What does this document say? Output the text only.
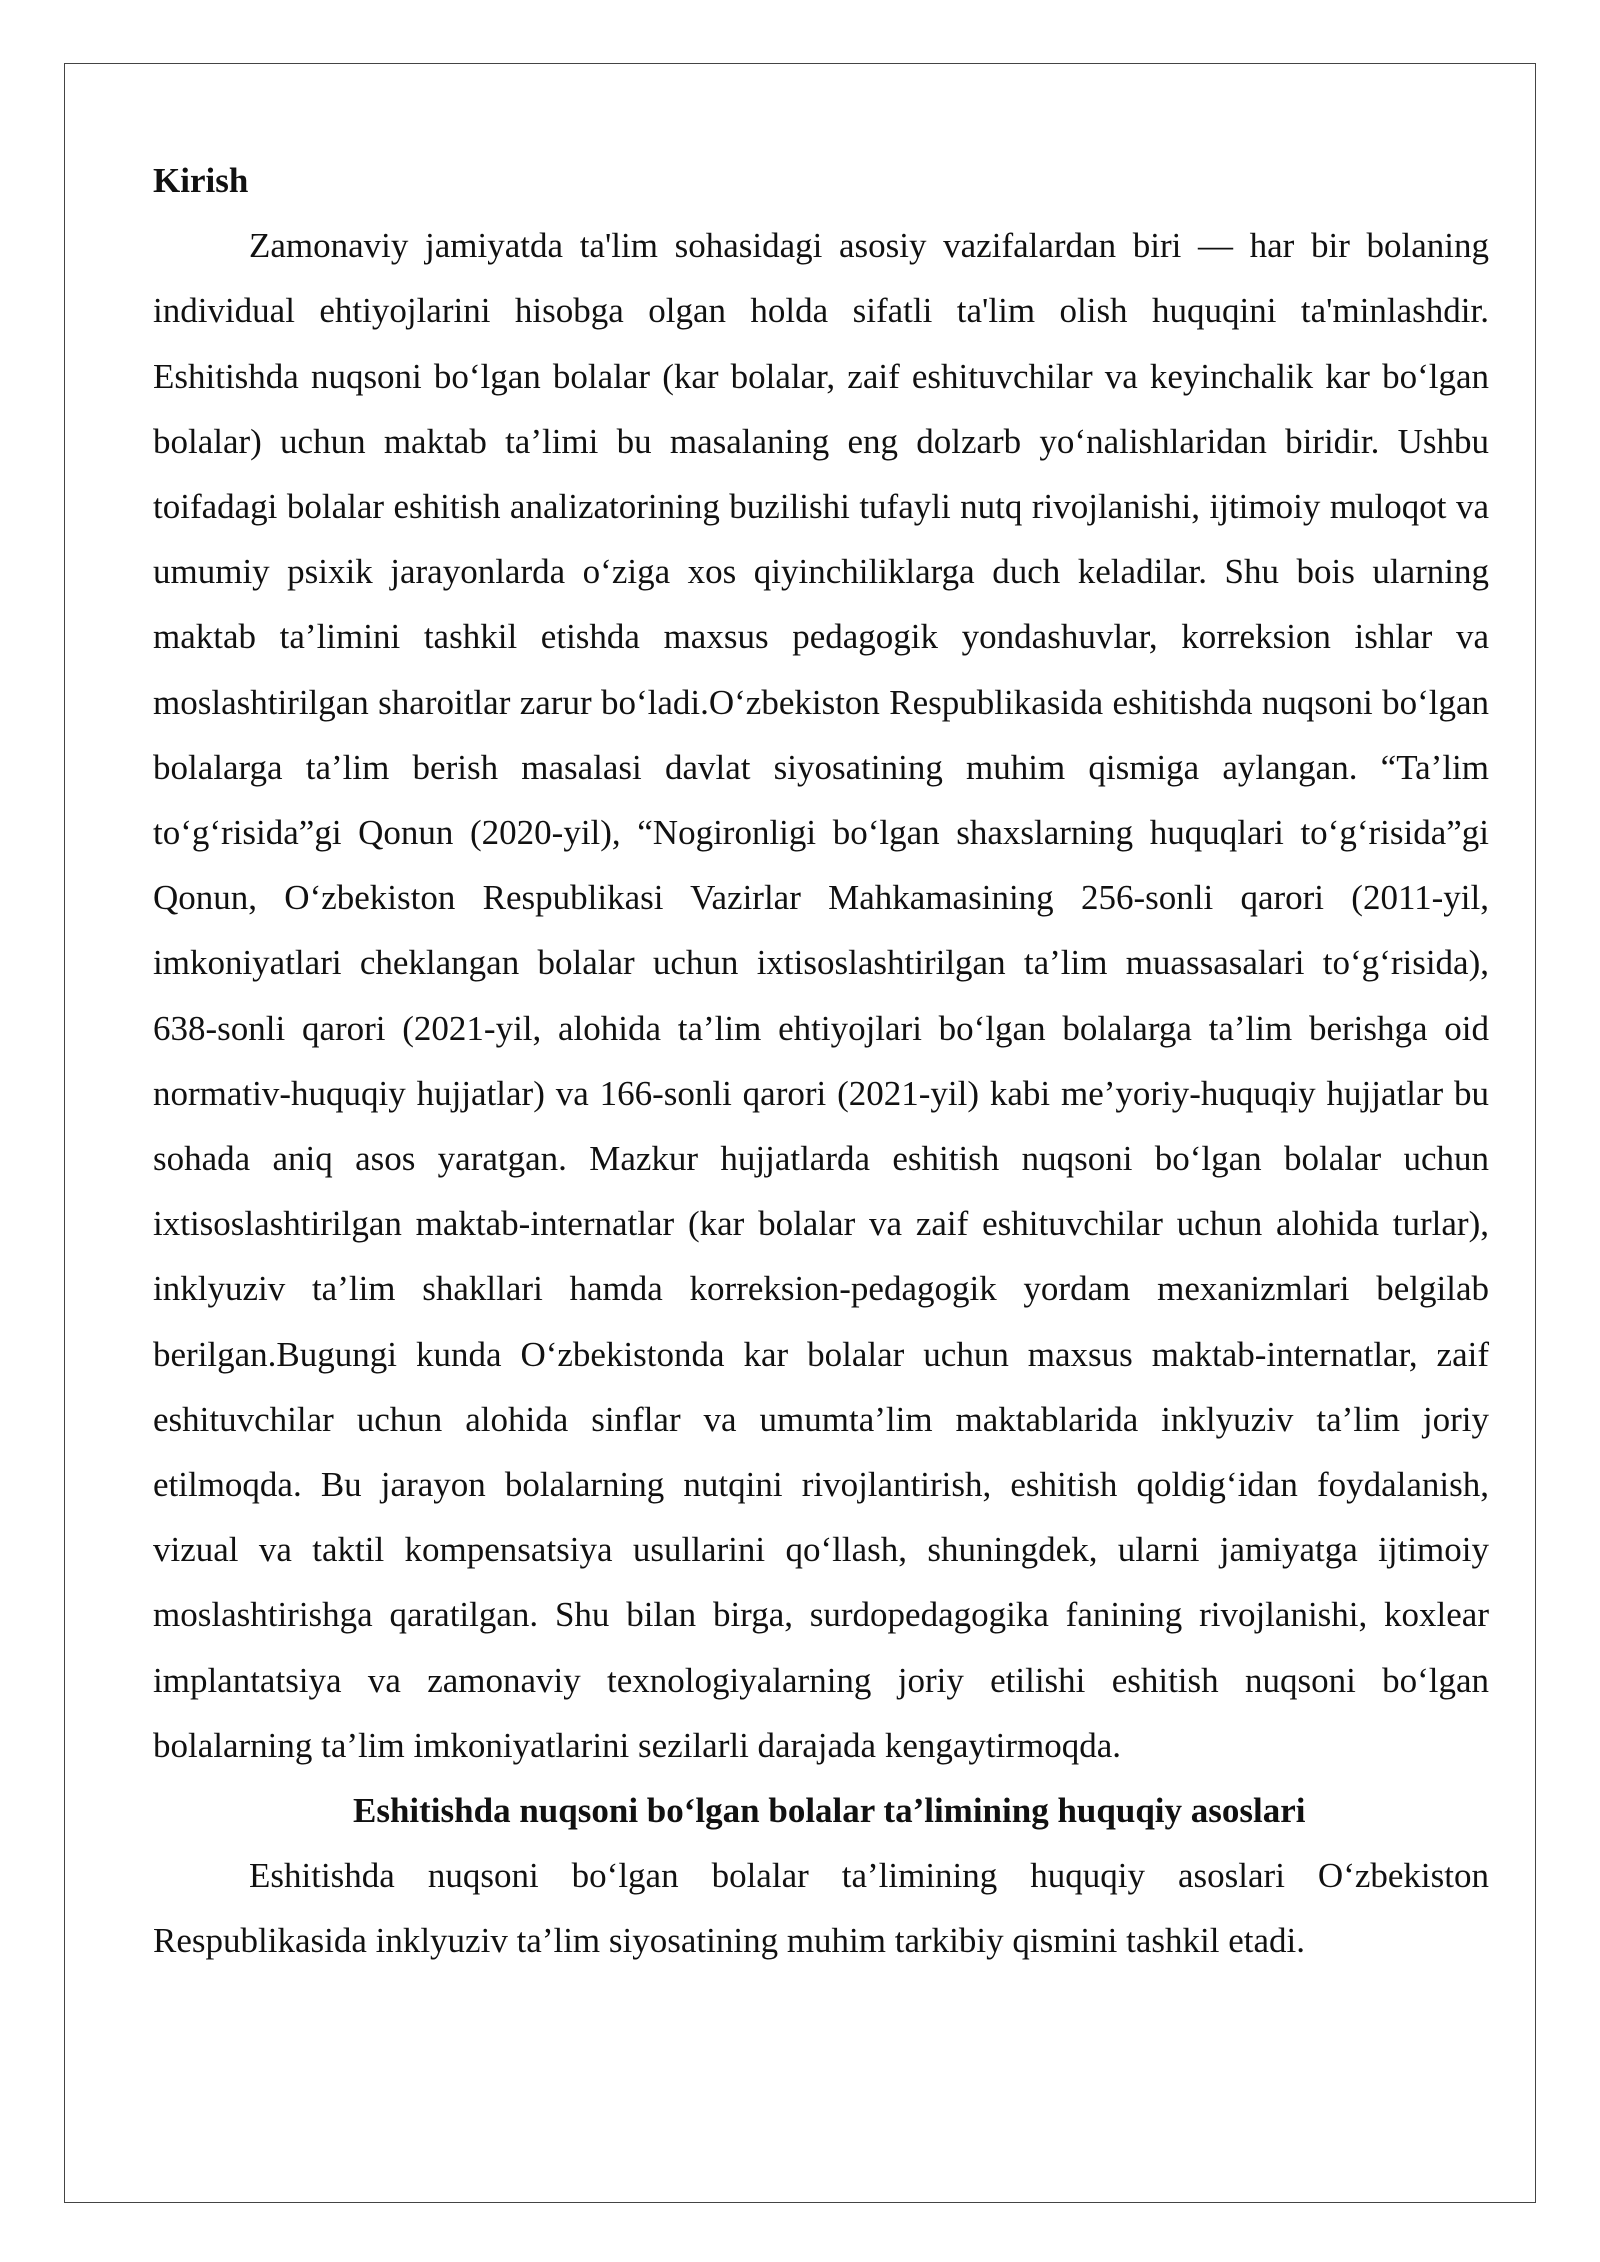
Kirish

Zamonaviy jamiyatda ta'lim sohasidagi asosiy vazifalardan biri — har bir bolaning individual ehtiyojlarini hisobga olgan holda sifatli ta'lim olish huquqini ta'minlashdir. Eshitishda nuqsoni bo‘lgan bolalar (kar bolalar, zaif eshituvchilar va keyinchalik kar bo‘lgan bolalar) uchun maktab ta’limi bu masalaning eng dolzarb yo‘nalishlaridan biridir. Ushbu toifadagi bolalar eshitish analizatorining buzilishi tufayli nutq rivojlanishi, ijtimoiy muloqot va umumiy psixik jarayonlarda o‘ziga xos qiyinchiliklarga duch keladilar. Shu bois ularning maktab ta’limini tashkil etishda maxsus pedagogik yondashuvlar, korreksion ishlar va moslashtirilgan sharoitlar zarur bo‘ladi.O‘zbekiston Respublikasida eshitishda nuqsoni bo‘lgan bolalarga ta’lim berish masalasi davlat siyosatining muhim qismiga aylangan. “Ta’lim to‘g‘risida”gi Qonun (2020-yil), “Nogironligi bo‘lgan shaxslarning huquqlari to‘g‘risida”gi Qonun, O‘zbekiston Respublikasi Vazirlar Mahkamasining 256-sonli qarori (2011-yil, imkoniyatlari cheklangan bolalar uchun ixtisoslashtirilgan ta’lim muassasalari to‘g‘risida), 638-sonli qarori (2021-yil, alohida ta’lim ehtiyojlari bo‘lgan bolalarga ta’lim berishga oid normativ-huquqiy hujjatlar) va 166-sonli qarori (2021-yil) kabi me’yoriy-huquqiy hujjatlar bu sohada aniq asos yaratgan. Mazkur hujjatlarda eshitish nuqsoni bo‘lgan bolalar uchun ixtisoslashtirilgan maktab-internatlar (kar bolalar va zaif eshituvchilar uchun alohida turlar), inklyuziv ta’lim shakllari hamda korreksion-pedagogik yordam mexanizmlari belgilab berilgan.Bugungi kunda O‘zbekistonda kar bolalar uchun maxsus maktab-internatlar, zaif eshituvchilar uchun alohida sinflar va umumta’lim maktablarida inklyuziv ta’lim joriy etilmoqda. Bu jarayon bolalarning nutqini rivojlantirish, eshitish qoldig‘idan foydalanish, vizual va taktil kompensatsiya usullarini qo‘llash, shuningdek, ularni jamiyatga ijtimoiy moslashtirishga qaratilgan. Shu bilan birga, surdopedagogika fanining rivojlanishi, koxlear implantatsiya va zamonaviy texnologiyalarning joriy etilishi eshitish nuqsoni bo‘lgan bolalarning ta’lim imkoniyatlarini sezilarli darajada kengaytirmoqda.

Eshitishda nuqsoni bo‘lgan bolalar ta’limining huquqiy asoslari

Eshitishda nuqsoni bo‘lgan bolalar ta’limining huquqiy asoslari O‘zbekiston Respublikasida inklyuziv ta’lim siyosatining muhim tarkibiy qismini tashkil etadi.
